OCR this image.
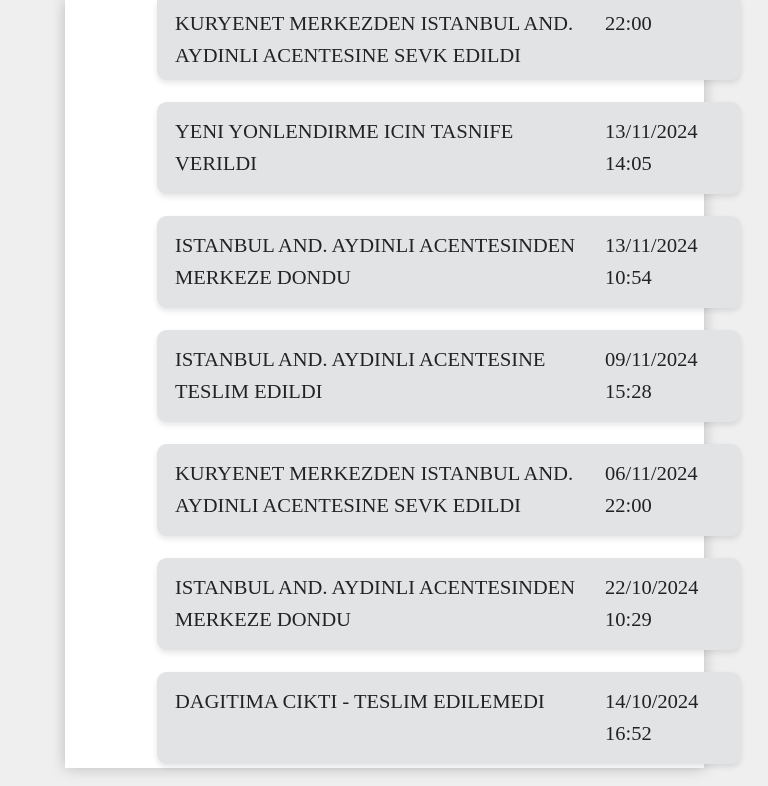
KURYENET MERKEZDEN ISTANBUL AND. AYDINLI ACENTESINE SEVK EDILDI
22:00
YENI YONLENDIRME ICIN TASNIFE VERILDI
13/11/2024
14:05
ISTANBUL AND. AYDINLI ACENTESINDEN MERKEZE DONDU
13/11/2024
10:54
ISTANBUL AND. AYDINLI ACENTESINE TESLIM EDILDI
09/11/2024
15:28
KURYENET MERKEZDEN ISTANBUL AND. AYDINLI ACENTESINE SEVK EDILDI
06/11/2024
22:00
ISTANBUL AND. AYDINLI ACENTESINDEN MERKEZE DONDU
22/10/2024
10:29
DAGITIMA CIKTI - TESLIM EDILEMEDI	14/10/2024
16:52
